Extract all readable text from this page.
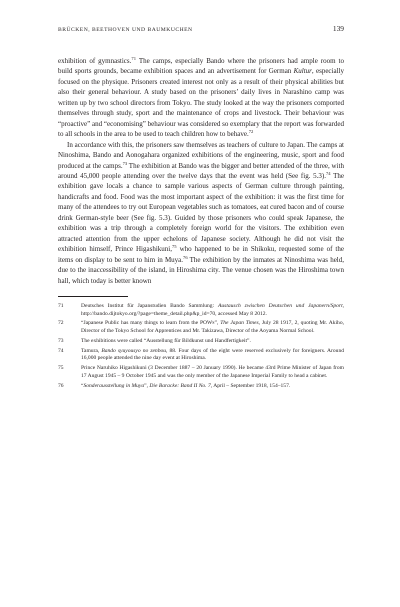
BRÜCKEN, BEETHOVEN UND BAUMKUCHEN	139

exhibition of gymnastics.$^{71}$ The camps, especially Bando where the prisoners had ample room to build sports grounds, became exhibition spaces and an advertisement for German Kultur, especially focused on the physique. Prisoners created interest not only as a result of their physical abilities but also their general behaviour. A study based on the prisoners’ daily lives in Narashino camp was written up by two school directors from Tokyo. The study looked at the way the prisoners comported themselves through study, sport and the maintenance of crops and livestock. Their behaviour was “proactive” and “economising” behaviour was considered so exemplary that the report was forwarded to all schools in the area to be used to teach children how to behave.$^{72}$

In accordance with this, the prisoners saw themselves as teachers of culture to Japan. The camps at Ninoshima, Bando and Aonogahara organized exhibitions of the engineering, music, sport and food produced at the camps.$^{73}$ The exhibition at Bando was the bigger and better attended of the three, with around 45,000 people attending over the twelve days that the event was held (See fig. 5.3).$^{74}$ The exhibition gave locals a chance to sample various aspects of German culture through painting, handicrafts and food. Food was the most important aspect of the exhibition: it was the first time for many of the attendees to try out European vegetables such as tomatoes, eat cured bacon and of course drink German-style beer (See fig. 5.3). Guided by those prisoners who could speak Japanese, the exhibition was a trip through a completely foreign world for the visitors. The exhibition even attracted attention from the upper echelons of Japanese society. Although he did not visit the exhibition himself, Prince Higashikuni,$^{75}$ who happened to be in Shikoku, requested some of the items on display to be sent to him in Muya.$^{76}$ The exhibition by the inmates at Ninoshima was held, due to the inaccessibility of the island, in Hiroshima city. The venue chosen was the Hiroshima town hall, which today is better known

71	Deutsches Institut für Japanstudien Bando Sammlung: Austausch zwischen Deutschen und Japanern/Sport, http://bando.dijtokyo.org/?page=theme_detail.php&p_id=70, accessed May 8 2012.
72	“Japanese Public has many things to learn from the POWs”, The Japan Times, July 28 1917, 2, quoting Mr. Akiho, Director of the Tokyo School for Apprentices and Mr. Takizawa, Director of the Aoyama Normal School.
73	The exhibitions were called “Ausstellung für Bildkunst und Handfertigkeit”.
74	Tamura, Bando syuyousyo no zenbou, 88. Four days of the eight were reserved exclusively for foreigners. Around 16,000 people attended the nine day event at Hiroshima.
75	Prince Naruhiko Higashikuni (3 December 1887 – 20 January 1990). He became 43rd Prime Minister of Japan from 17 August 1945 – 9 October 1945 and was the only member of the Japanese Imperial Family to head a cabinet.
76	“Sonderausstellung in Muya”, Die Baracke: Band II No. 7, April – September 1918, 154–157.
